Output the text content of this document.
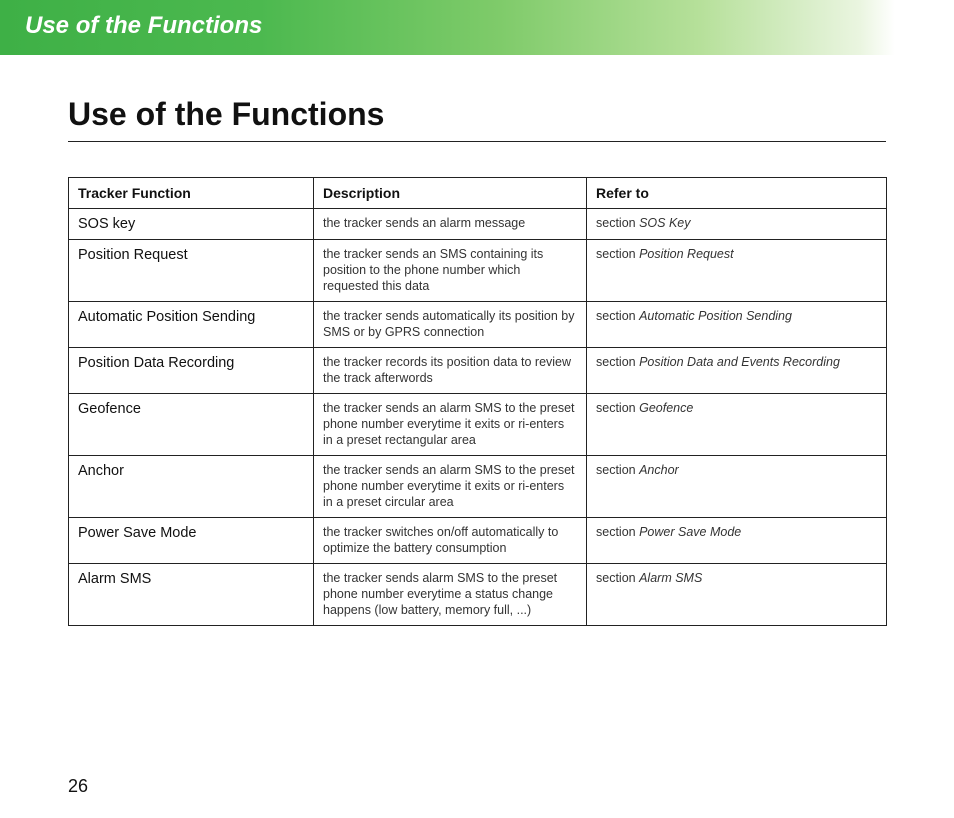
Use of the Functions
Use of the Functions
Tracker Function	Description	Refer to
SOS key	the tracker sends an alarm message	section SOS Key
Position Request	the tracker sends an SMS containing its position to the phone number which requested this data	section Position Request
Automatic Position Sending	the tracker sends automatically its position by SMS or by GPRS connection	section Automatic Position Sending
Position Data Recording	the tracker records its position data to review the track afterwords	section Position Data and Events Recording
Geofence	the tracker sends an alarm SMS to the preset phone number everytime it exits or ri-enters in a preset rectangular area	section Geofence
Anchor	the tracker sends an alarm SMS to the preset phone number everytime it exits or ri-enters in a preset circular area	section Anchor
Power Save Mode	the tracker switches on/off automatically to optimize the battery consumption	section Power Save Mode
Alarm SMS	the tracker sends alarm SMS to the preset phone number everytime a status change happens (low battery, memory full, ...)	section Alarm SMS
26
